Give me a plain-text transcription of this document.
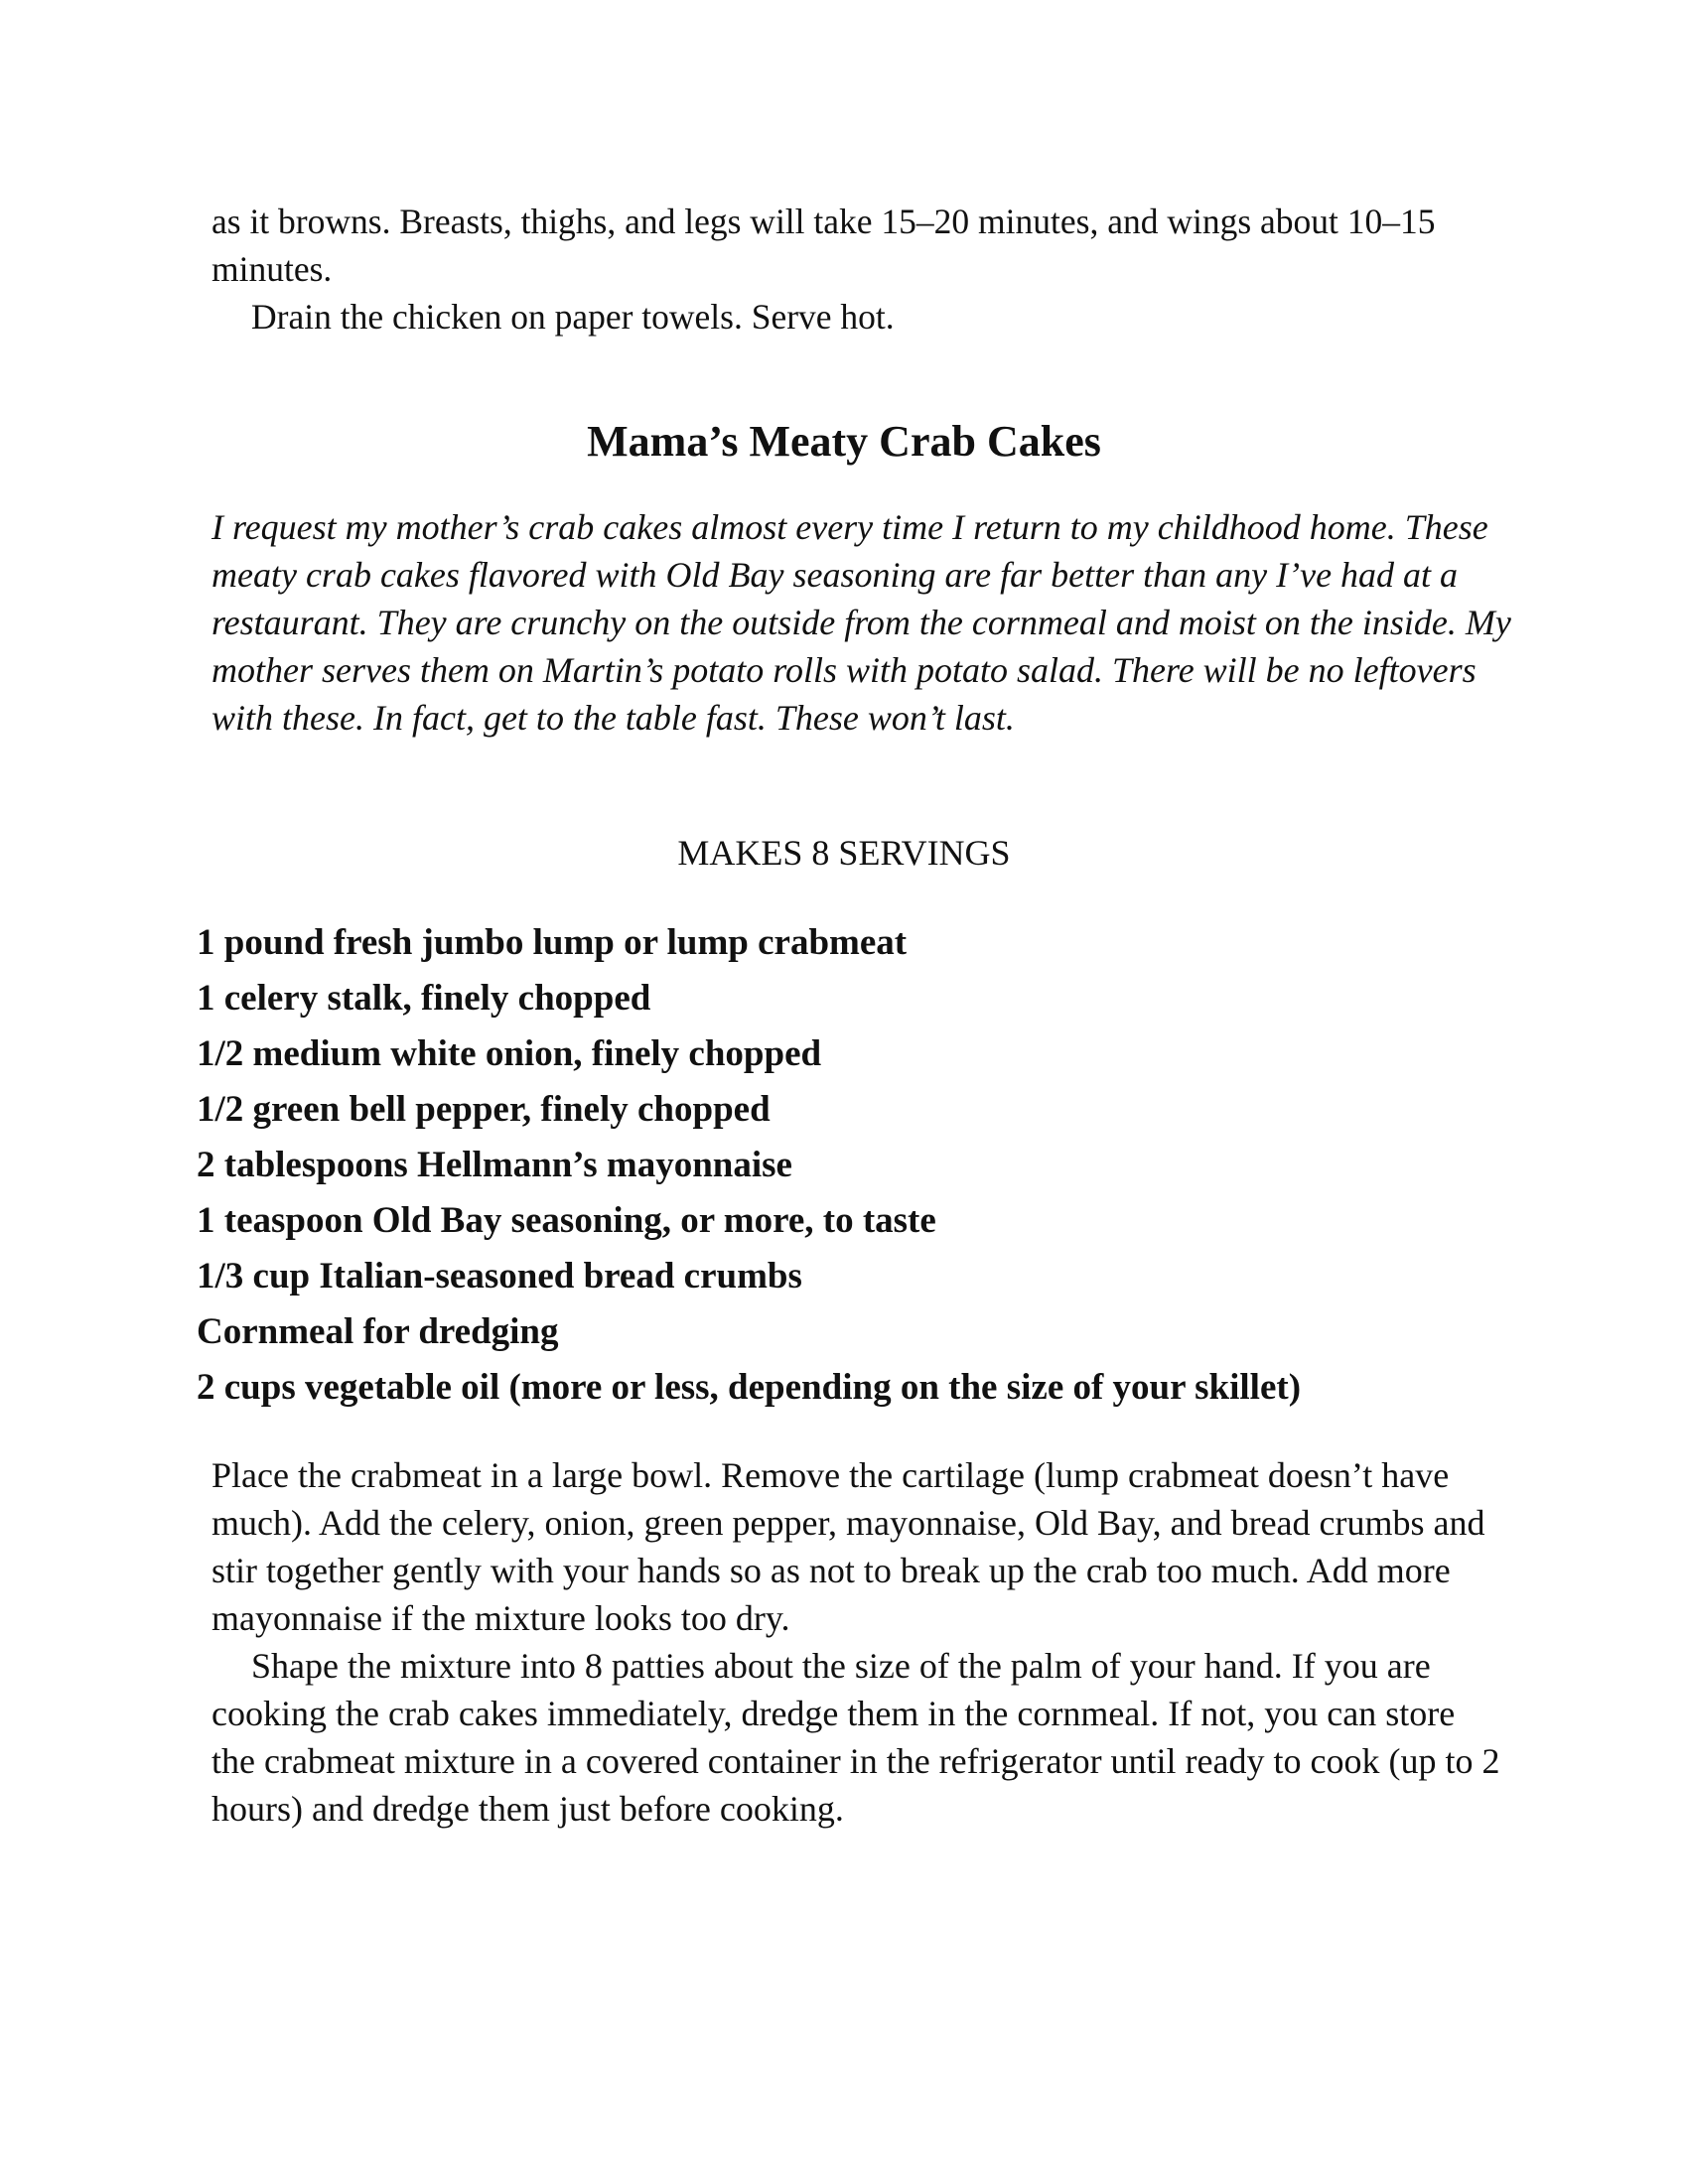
as it browns. Breasts, thighs, and legs will take 15–20 minutes, and wings about 10–15 minutes.

Drain the chicken on paper towels. Serve hot.

Mama’s Meaty Crab Cakes

I request my mother’s crab cakes almost every time I return to my childhood home. These meaty crab cakes flavored with Old Bay seasoning are far better than any I’ve had at a restaurant. They are crunchy on the outside from the cornmeal and moist on the inside. My mother serves them on Martin’s potato rolls with potato salad. There will be no leftovers with these. In fact, get to the table fast. These won’t last.

MAKES 8 SERVINGS

1 pound fresh jumbo lump or lump crabmeat
1 celery stalk, finely chopped
1/2 medium white onion, finely chopped
1/2 green bell pepper, finely chopped
2 tablespoons Hellmann’s mayonnaise
1 teaspoon Old Bay seasoning, or more, to taste
1/3 cup Italian-seasoned bread crumbs
Cornmeal for dredging
2 cups vegetable oil (more or less, depending on the size of your skillet)

Place the crabmeat in a large bowl. Remove the cartilage (lump crabmeat doesn’t have much). Add the celery, onion, green pepper, mayonnaise, Old Bay, and bread crumbs and stir together gently with your hands so as not to break up the crab too much. Add more mayonnaise if the mixture looks too dry.

Shape the mixture into 8 patties about the size of the palm of your hand. If you are cooking the crab cakes immediately, dredge them in the cornmeal. If not, you can store the crabmeat mixture in a covered container in the refrigerator until ready to cook (up to 2 hours) and dredge them just before cooking.
